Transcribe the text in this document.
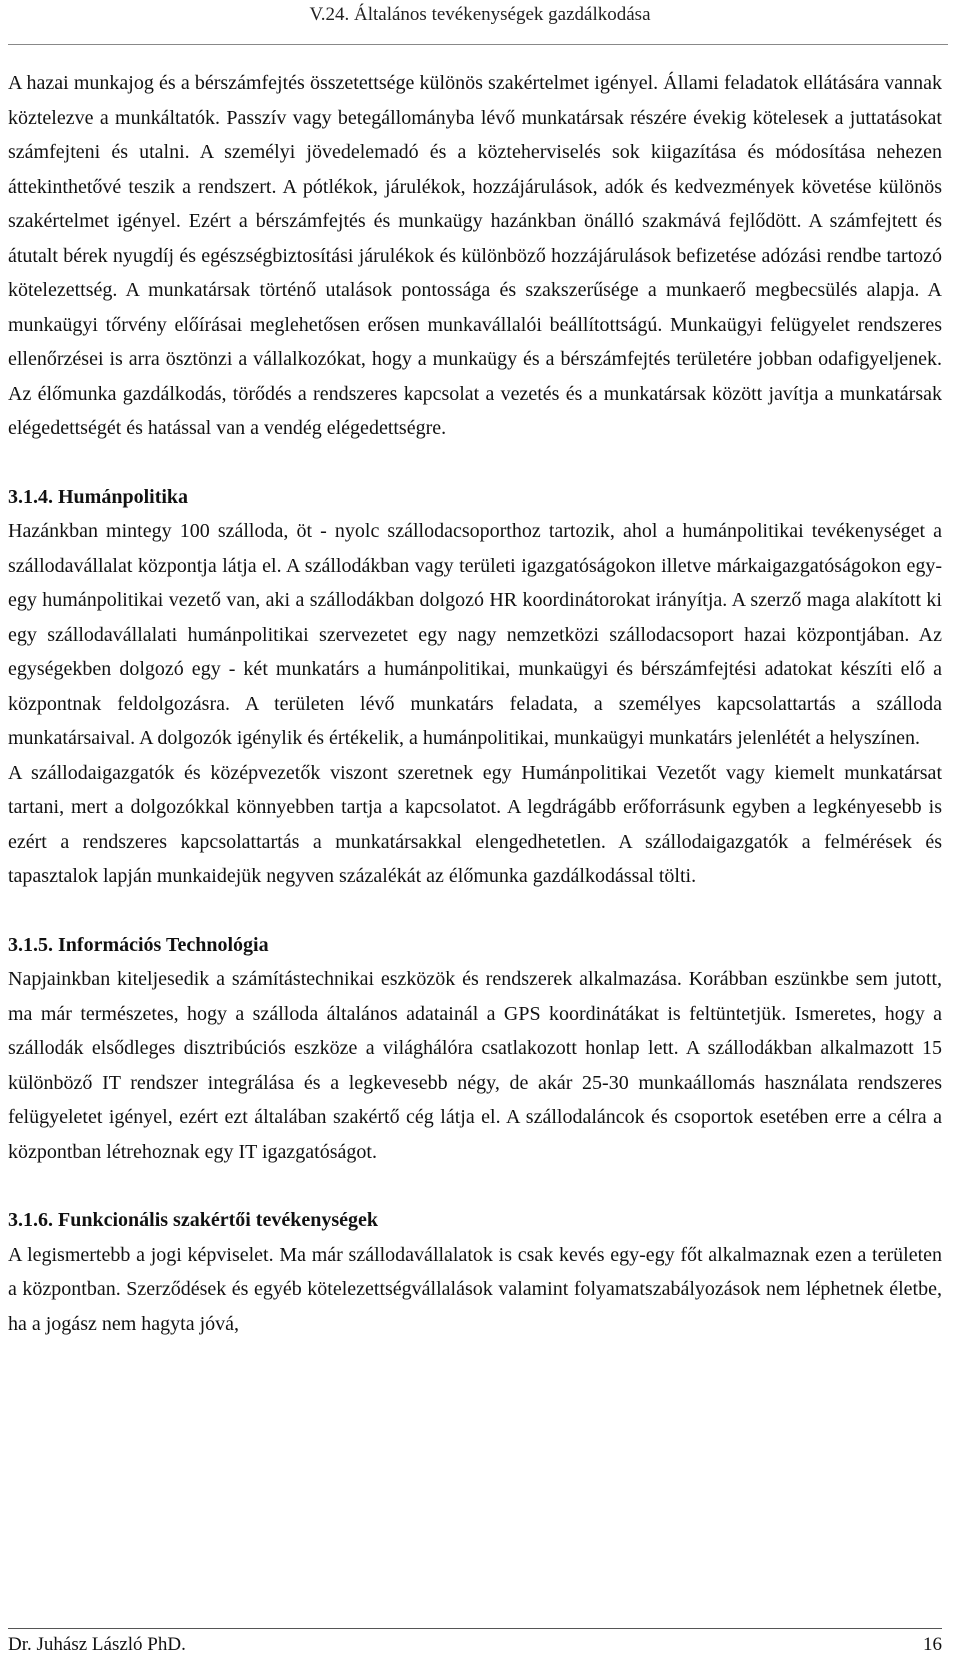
V.24. Általános tevékenységek gazdálkodása

A hazai munkajog és a bérszámfejtés összetettsége különös szakértelmet igényel. Állami feladatok ellátására vannak köztelezve a munkáltatók. Passzív vagy betegállományba lévő munkatársak részére évekig kötelesek a juttatásokat számfejteni és utalni. A személyi jövedelemadó és a közteherviselés sok kiigazítása és módosítása nehezen áttekinthetővé teszik a rendszert. A pótlékok, járulékok, hozzájárulások, adók és kedvezmények követése különös szakértelmet igényel. Ezért a bérszámfejtés és munkaügy hazánkban önálló szakmává fejlődött. A számfejtett és átutalt bérek nyugdíj és egészségbiztosítási járulékok és különböző hozzájárulások befizetése adózási rendbe tartozó kötelezettség. A munkatársak történő utalások pontossága és szakszerűsége a munkaerő megbecsülés alapja. A munkaügyi tőrvény előírásai meglehetősen erősen munkavállalói beállítottságú. Munkaügyi felügyelet rendszeres ellenőrzései is arra ösztönzi a vállalkozókat, hogy a munkaügy és a bérszámfejtés területére jobban odafigyeljenek. Az élőmunka gazdálkodás, törődés a rendszeres kapcsolat a vezetés és a munkatársak között javítja a munkatársak elégedettségét és hatással van a vendég elégedettségre.

3.1.4. Humánpolitika

Hazánkban mintegy 100 szálloda, öt - nyolc szállodacsoporthoz tartozik, ahol a humánpolitikai tevékenységet a szállodavállalat központja látja el. A szállodákban vagy területi igazgatóságokon illetve márkaigazgatóságokon egy-egy humánpolitikai vezető van, aki a szállodákban dolgozó HR koordinátorokat irányítja. A szerző maga alakított ki egy szállodavállalati humánpolitikai szervezetet egy nagy nemzetközi szállodacsoport hazai központjában. Az egységekben dolgozó egy - két munkatárs a humánpolitikai, munkaügyi és bérszámfejtési adatokat készíti elő a központnak feldolgozásra. A területen lévő munkatárs feladata, a személyes kapcsolattartás a szálloda munkatársaival. A dolgozók igénylik és értékelik, a humánpolitikai, munkaügyi munkatárs jelenlétét a helyszínen.

A szállodaigazgatók és középvezetők viszont szeretnek egy Humánpolitikai Vezetőt vagy kiemelt munkatársat tartani, mert a dolgozókkal könnyebben tartja a kapcsolatot. A legdrágább erőforrásunk egyben a legkényesebb is ezért a rendszeres kapcsolattartás a munkatársakkal elengedhetetlen. A szállodaigazgatók a felmérések és tapasztalok lapján munkaidejük negyven százalékát az élőmunka gazdálkodással tölti.

3.1.5. Információs Technológia

Napjainkban kiteljesedik a számítástechnikai eszközök és rendszerek alkalmazása. Korábban eszünkbe sem jutott, ma már természetes, hogy a szálloda általános adatainál a GPS koordinátákat is feltüntetjük. Ismeretes, hogy a szállodák elsődleges disztribúciós eszköze a világhálóra csatlakozott honlap lett. A szállodákban alkalmazott 15 különböző IT rendszer integrálása és a legkevesebb négy, de akár 25-30 munkaállomás használata rendszeres felügyeletet igényel, ezért ezt általában szakértő cég látja el. A szállodaláncok és csoportok esetében erre a célra a központban létrehoznak egy IT igazgatóságot.

3.1.6. Funkcionális szakértői tevékenységek

A legismertebb a jogi képviselet. Ma már szállodavállalatok is csak kevés egy-egy főt alkalmaznak ezen a területen a központban. Szerződések és egyéb kötelezettségvállalások valamint folyamatszabályozások nem léphetnek életbe, ha a jogász nem hagyta jóvá,

Dr. Juhász László PhD.	16
